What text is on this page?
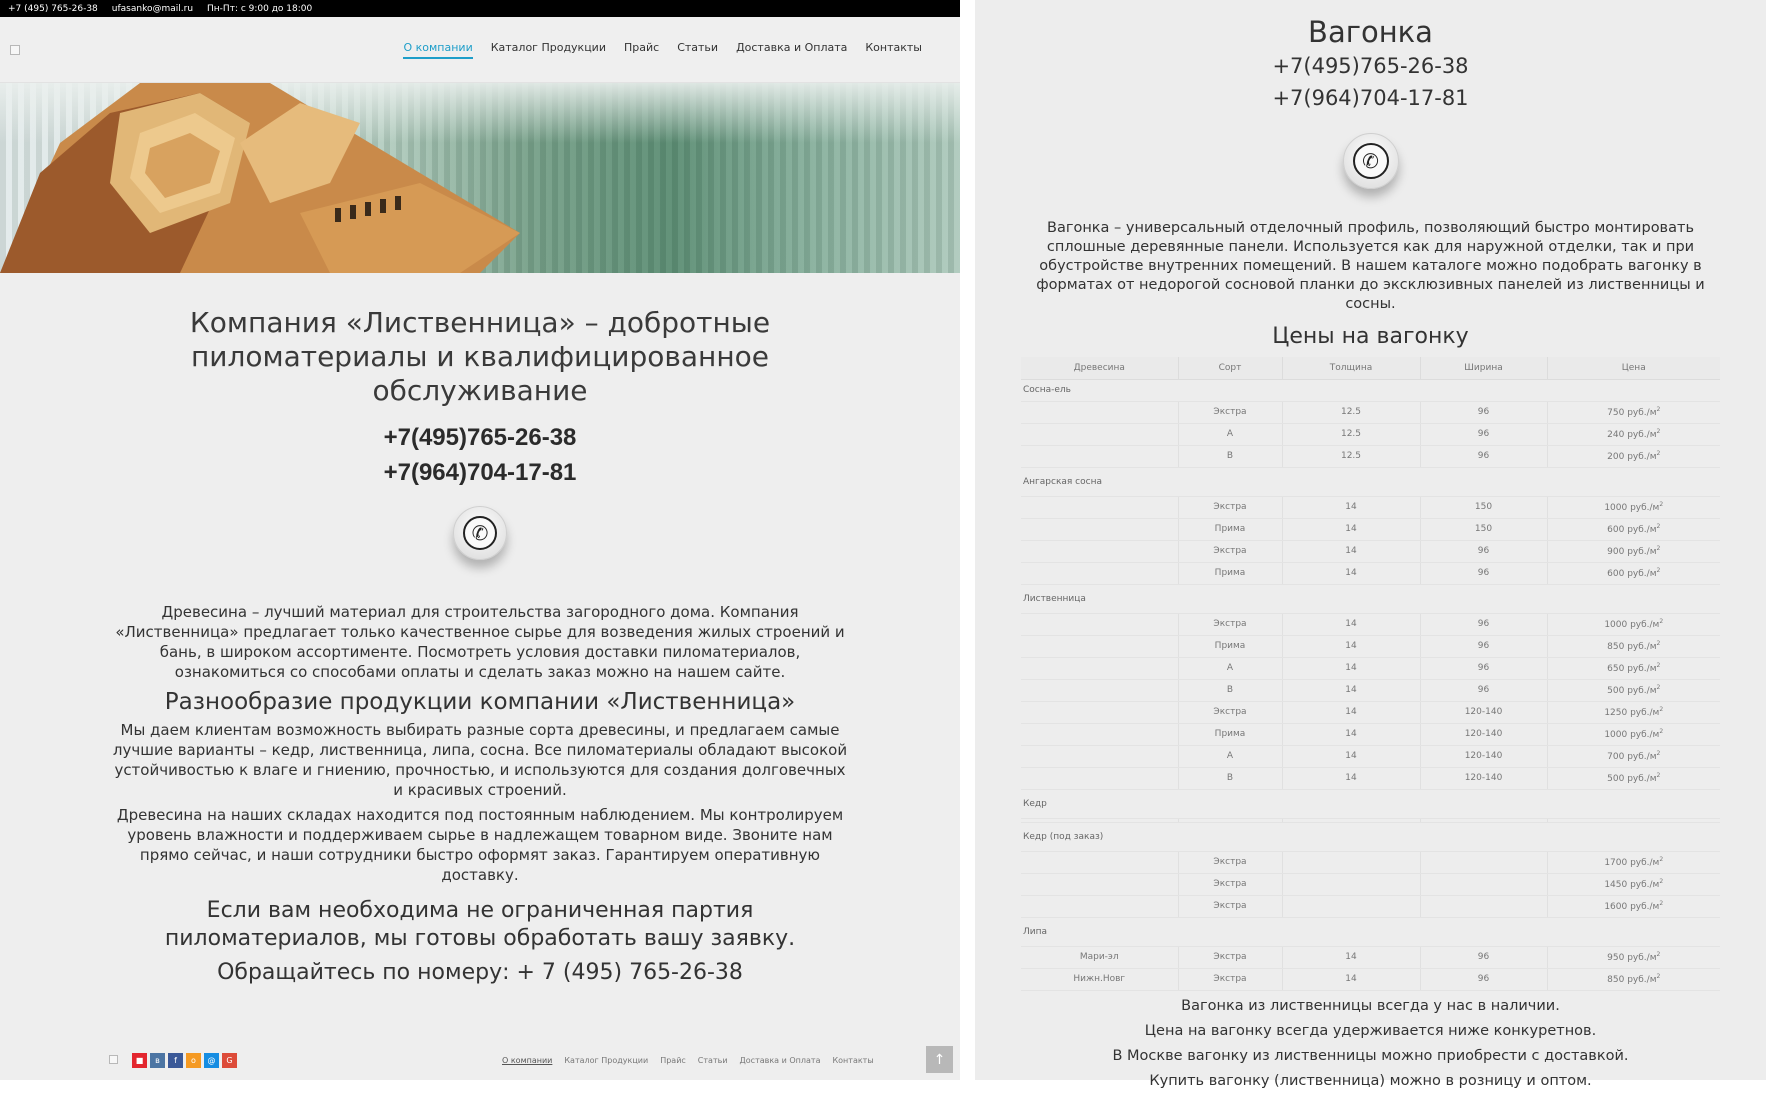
+7 (495) 765-26-38 ufasanko@mail.ru Пн-Пт: с 9:00 до 18:00
О компании Каталог Продукции Прайс Статьи Доставка и Оплата Контакты
Компания «Лиственница» – добротные пиломатериалы и квалифицированное обслуживание
+7(495)765-26-38
+7(964)704-17-81
✆

Древесина – лучший материал для строительства загородного дома. Компания «Лиственница» предлагает только качественное сырье для возведения жилых строений и бань, в широком ассортименте. Посмотреть условия доставки пиломатериалов, ознакомиться со способами оплаты и сделать заказ можно на нашем сайте.

Разнообразие продукции компании «Лиственница»

Мы даем клиентам возможность выбирать разные сорта древесины, и предлагаем самые лучшие варианты – кедр, лиственница, липа, сосна. Все пиломатериалы обладают высокой устойчивостью к влаге и гниению, прочностью, и используются для создания долговечных и красивых строений.

Древесина на наших складах находится под постоянным наблюдением. Мы контролируем уровень влажности и поддерживаем сырье в надлежащем товарном виде. Звоните нам прямо сейчас, и наши сотрудники быстро оформят заказ. Гарантируем оперативную доставку.

Если вам необходима не ограниченная партия пиломатериалов, мы готовы обработать вашу заявку.
Обращайтесь по номеру: + 7 (495) 765-26-38
■	в	f	о	@	G	О компании Каталог Продукции Прайс Статьи Доставка и Оплата Контакты	↑
Вагонка
+7(495)765-26-38
+7(964)704-17-81
✆

Вагонка – универсальный отделочный профиль, позволяющий быстро монтировать сплошные деревянные панели. Используется как для наружной отделки, так и при обустройстве внутренних помещений. В нашем каталоге можно подобрать вагонку в форматах от недорогой сосновой планки до эксклюзивных панелей из лиственницы и сосны.

Цены на вагонку
Древесина	Сорт	Толщина	Ширина	Цена
Сосна-ель				
	Экстра	12.5	96	750 $руб./м^2$
	А	12.5	96	240 $руб./м^2$
	В	12.5	96	200 $руб./м^2$
Ангарская сосна				
	Экстра	14	150	1000 $руб./м^2$
	Прима	14	150	600 $руб./м^2$
	Экстра	14	96	900 $руб./м^2$
	Прима	14	96	600 $руб./м^2$
Лиственница				
	Экстра	14	96	1000 $руб./м^2$
	Прима	14	96	850 $руб./м^2$
	А	14	96	650 $руб./м^2$
	В	14	96	500 $руб./м^2$
	Экстра	14	120-140	1250 $руб./м^2$
	Прима	14	120-140	1000 $руб./м^2$
	А	14	120-140	700 $руб./м^2$
	В	14	120-140	500 $руб./м^2$
Кедр				

Кедр (под заказ)				
	Экстра			1700 $руб./м^2$
	Экстра			1450 $руб./м^2$
	Экстра			1600 $руб./м^2$
Липа				
Мари-эл	Экстра	14	96	950 $руб./м^2$
Нижн.Новг	Экстра	14	96	850 $руб./м^2$
Вагонка из лиственницы всегда у нас в наличии.
Цена на вагонку всегда удерживается ниже конкуретнов.
В Москве вагонку из лиственницы можно приобрести с доставкой.
Купить вагонку (лиственница) можно в розницу и оптом.
